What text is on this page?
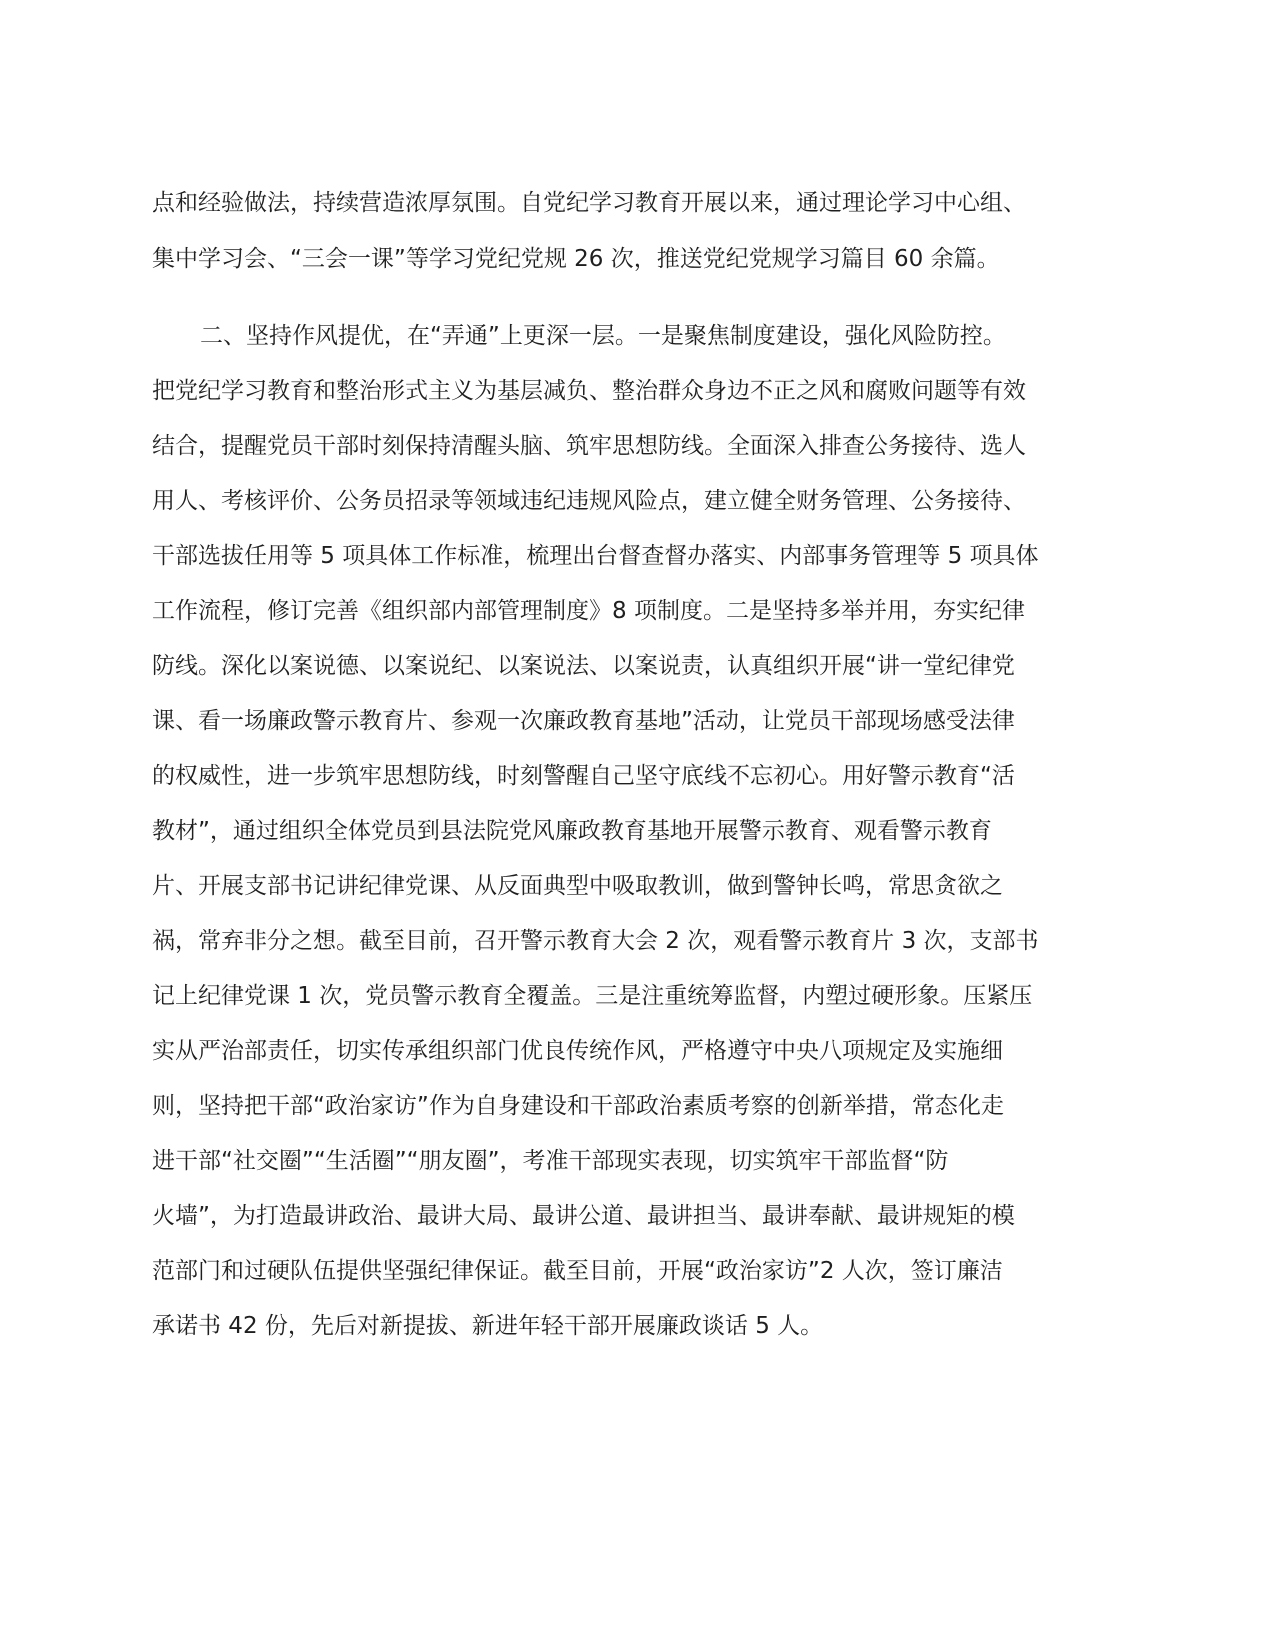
点和经验做法，持续营造浓厚氛围。自党纪学习教育开展以来，通过理论学习中心组、
集中学习会、“三会一课”等学习党纪党规 26 次，推送党纪党规学习篇目 60 余篇。
二、坚持作风提优，在“弄通”上更深一层。一是聚焦制度建设，强化风险防控。
把党纪学习教育和整治形式主义为基层减负、整治群众身边不正之风和腐败问题等有效
结合，提醒党员干部时刻保持清醒头脑、筑牢思想防线。全面深入排查公务接待、选人
用人、考核评价、公务员招录等领域违纪违规风险点，建立健全财务管理、公务接待、
干部选拔任用等 5 项具体工作标准，梳理出台督查督办落实、内部事务管理等 5 项具体
工作流程，修订完善《组织部内部管理制度》8 项制度。二是坚持多举并用，夯实纪律
防线。深化以案说德、以案说纪、以案说法、以案说责，认真组织开展“讲一堂纪律党
课、看一场廉政警示教育片、参观一次廉政教育基地”活动，让党员干部现场感受法律
的权威性，进一步筑牢思想防线，时刻警醒自己坚守底线不忘初心。用好警示教育“活
教材”，通过组织全体党员到县法院党风廉政教育基地开展警示教育、观看警示教育
片、开展支部书记讲纪律党课、从反面典型中吸取教训，做到警钟长鸣，常思贪欲之
祸，常弃非分之想。截至目前，召开警示教育大会 2 次，观看警示教育片 3 次，支部书
记上纪律党课 1 次，党员警示教育全覆盖。三是注重统筹监督，内塑过硬形象。压紧压
实从严治部责任，切实传承组织部门优良传统作风，严格遵守中央八项规定及实施细
则，坚持把干部“政治家访”作为自身建设和干部政治素质考察的创新举措，常态化走
进干部“社交圈”“生活圈”“朋友圈”，考准干部现实表现，切实筑牢干部监督“防
火墙”，为打造最讲政治、最讲大局、最讲公道、最讲担当、最讲奉献、最讲规矩的模
范部门和过硬队伍提供坚强纪律保证。截至目前，开展“政治家访”2 人次，签订廉洁
承诺书 42 份，先后对新提拔、新进年轻干部开展廉政谈话 5 人。
